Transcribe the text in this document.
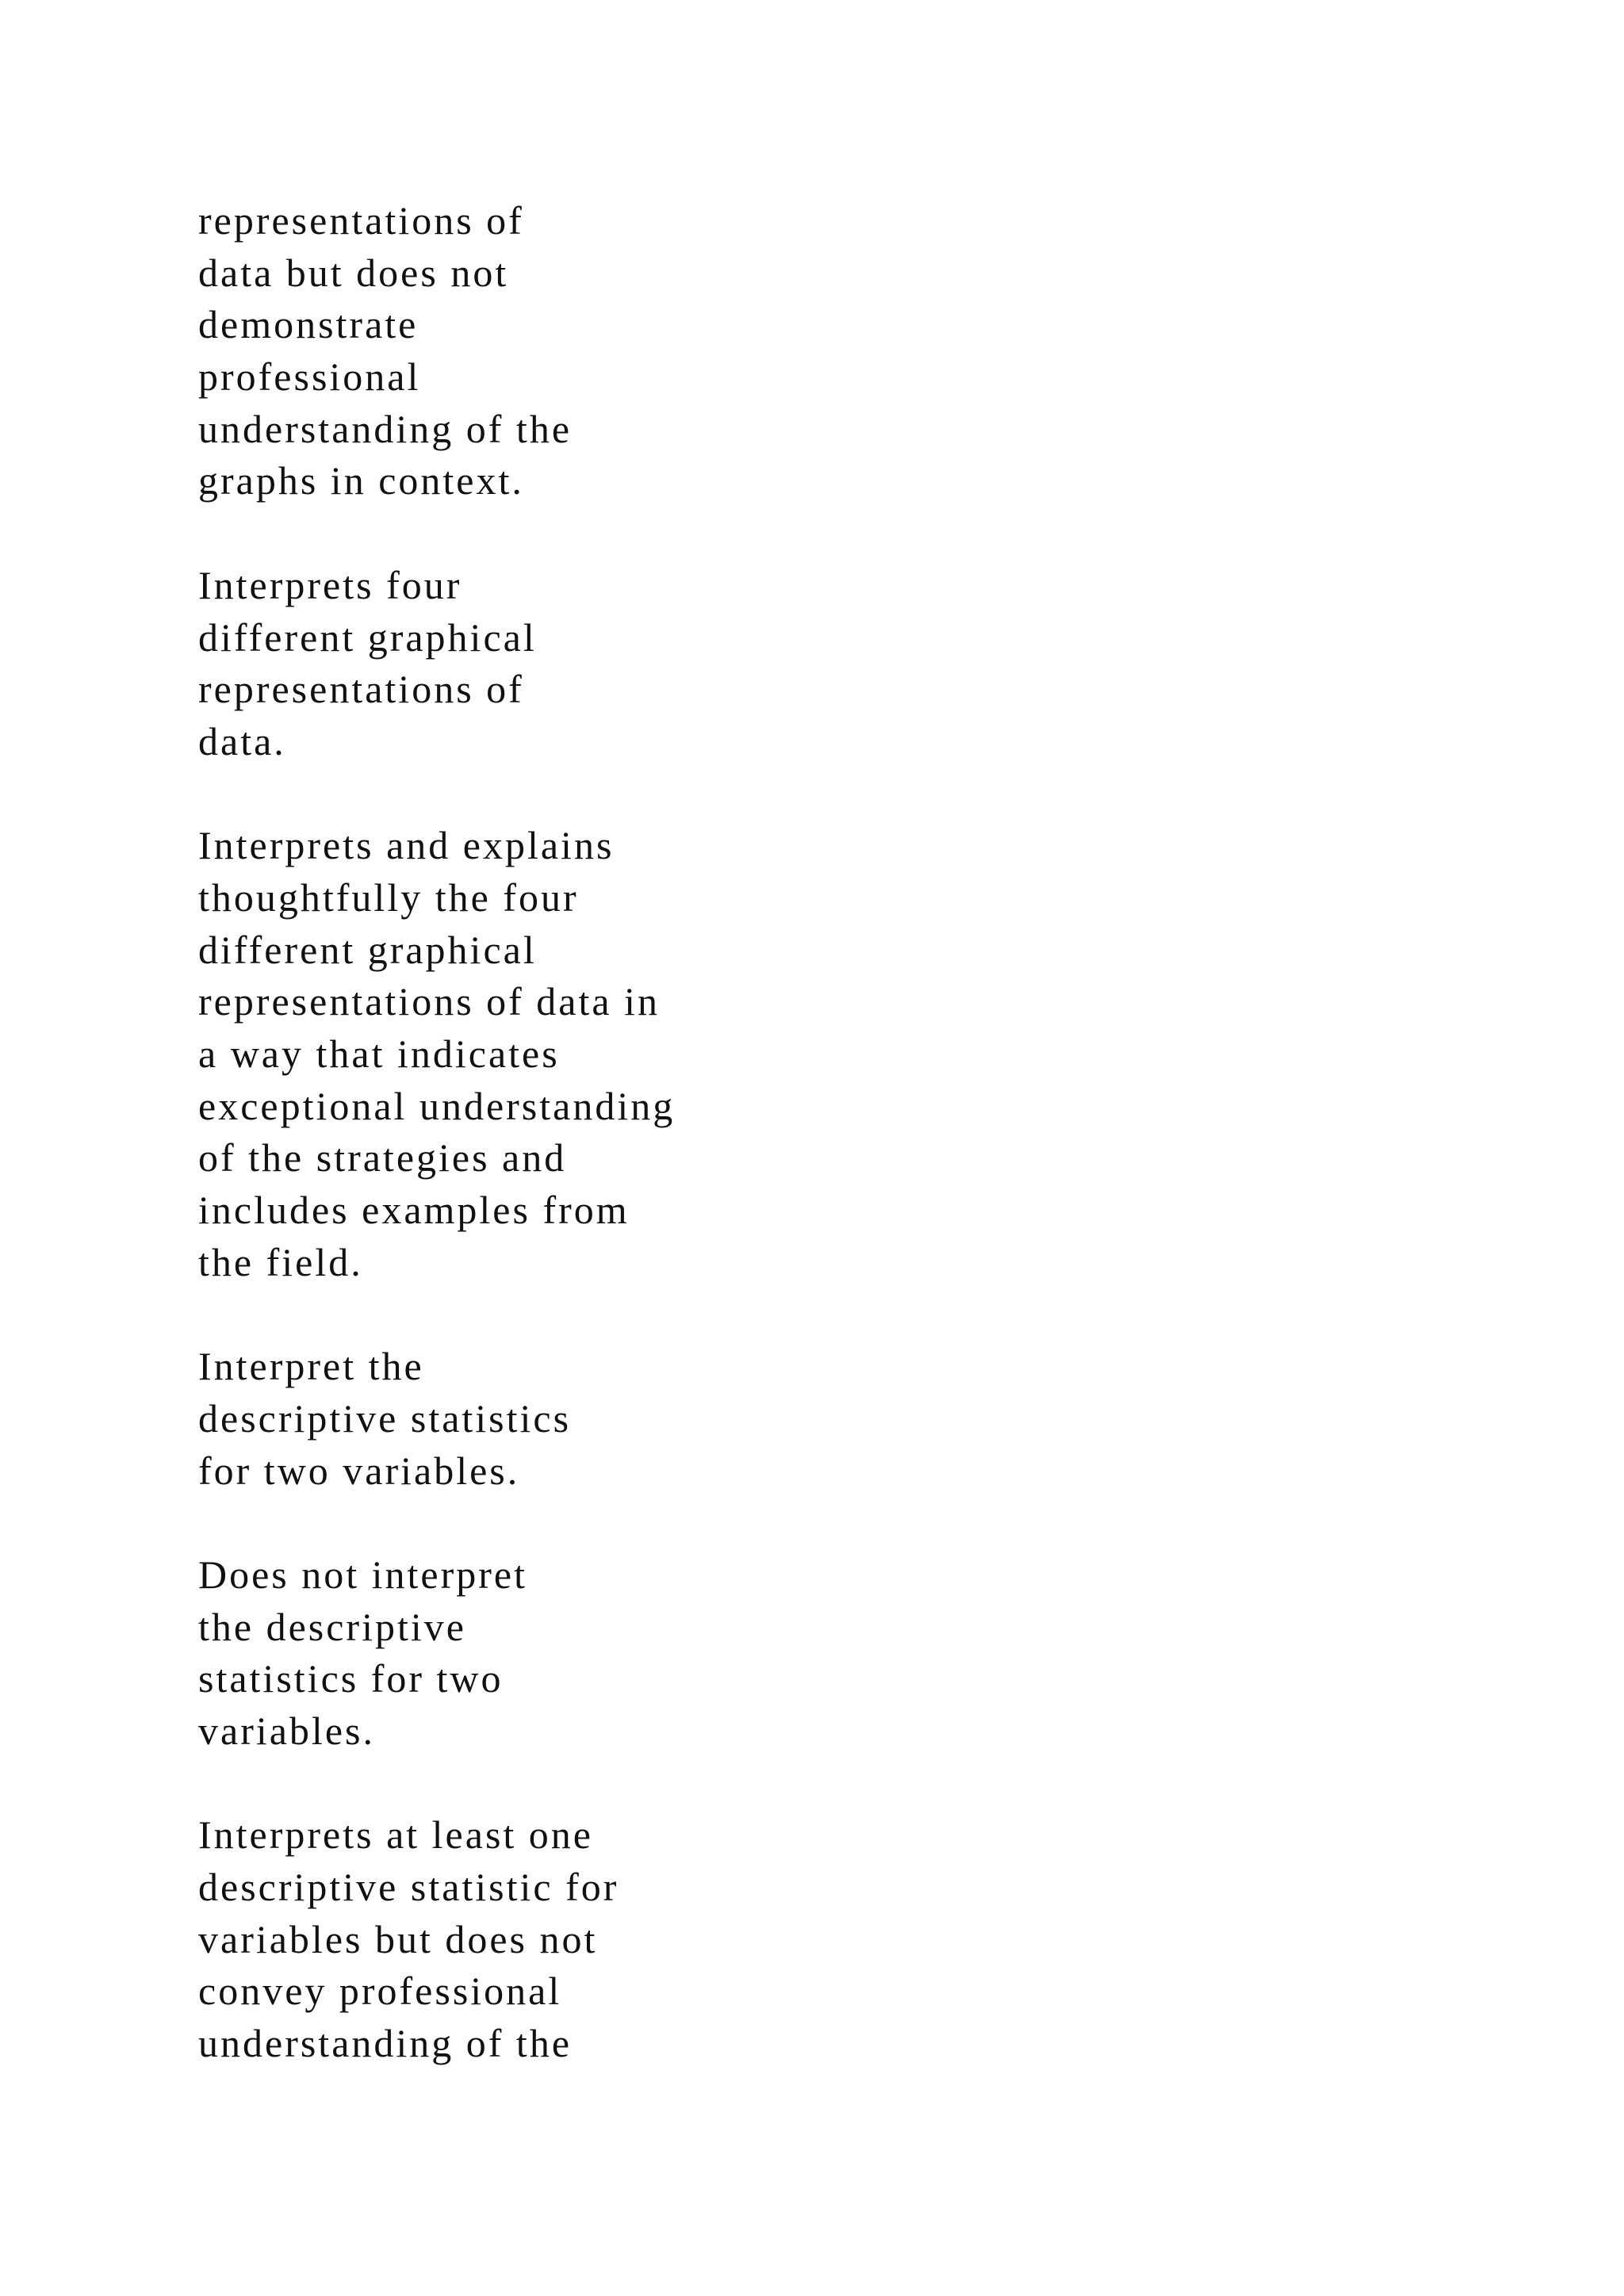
representations of
data but does not
demonstrate
professional
understanding of the
graphs in context.
Interprets four
different graphical
representations of
data.
Interprets and explains
thoughtfully the four
different graphical
representations of data in
a way that indicates
exceptional understanding
of the strategies and
includes examples from
the field.
Interpret the
descriptive statistics
for two variables.
Does not interpret
the descriptive
statistics for two
variables.
Interprets at least one
descriptive statistic for
variables but does not
convey professional
understanding of the
